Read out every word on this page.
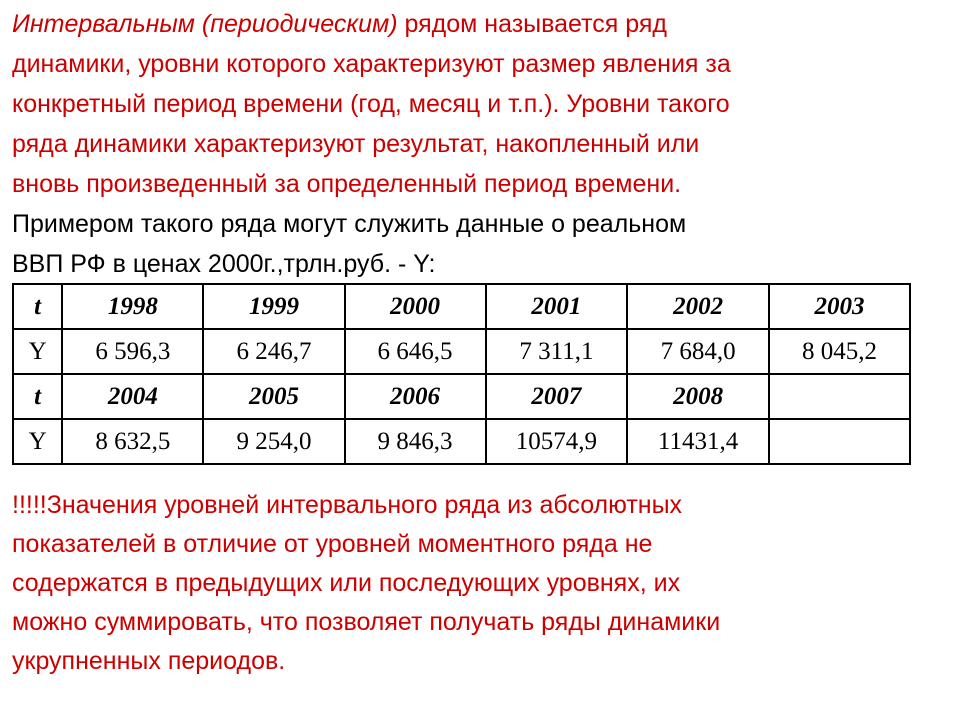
Интервальным (периодическим) рядом называется ряд
динамики, уровни которого характеризуют размер явления за
конкретный период времени (год, месяц и т.п.). Уровни такого
ряда динамики характеризуют результат, накопленный или
вновь произведенный за определенный период времени.
Примером такого ряда могут служить данные о реальном
ВВП РФ в ценах 2000г.,трлн.руб. - Y:
t	1998	1999	2000	2001	2002	2003
Y	6 596,3	6 246,7	6 646,5	7 311,1	7 684,0	8 045,2
t	2004	2005	2006	2007	2008	
Y	8 632,5	9 254,0	9 846,3	10574,9	11431,4	
!!!!!Значения уровней интервального ряда из абсолютных
показателей в отличие от уровней моментного ряда не
содержатся в предыдущих или последующих уровнях, их
можно суммировать, что позволяет получать ряды динамики
укрупненных периодов.
